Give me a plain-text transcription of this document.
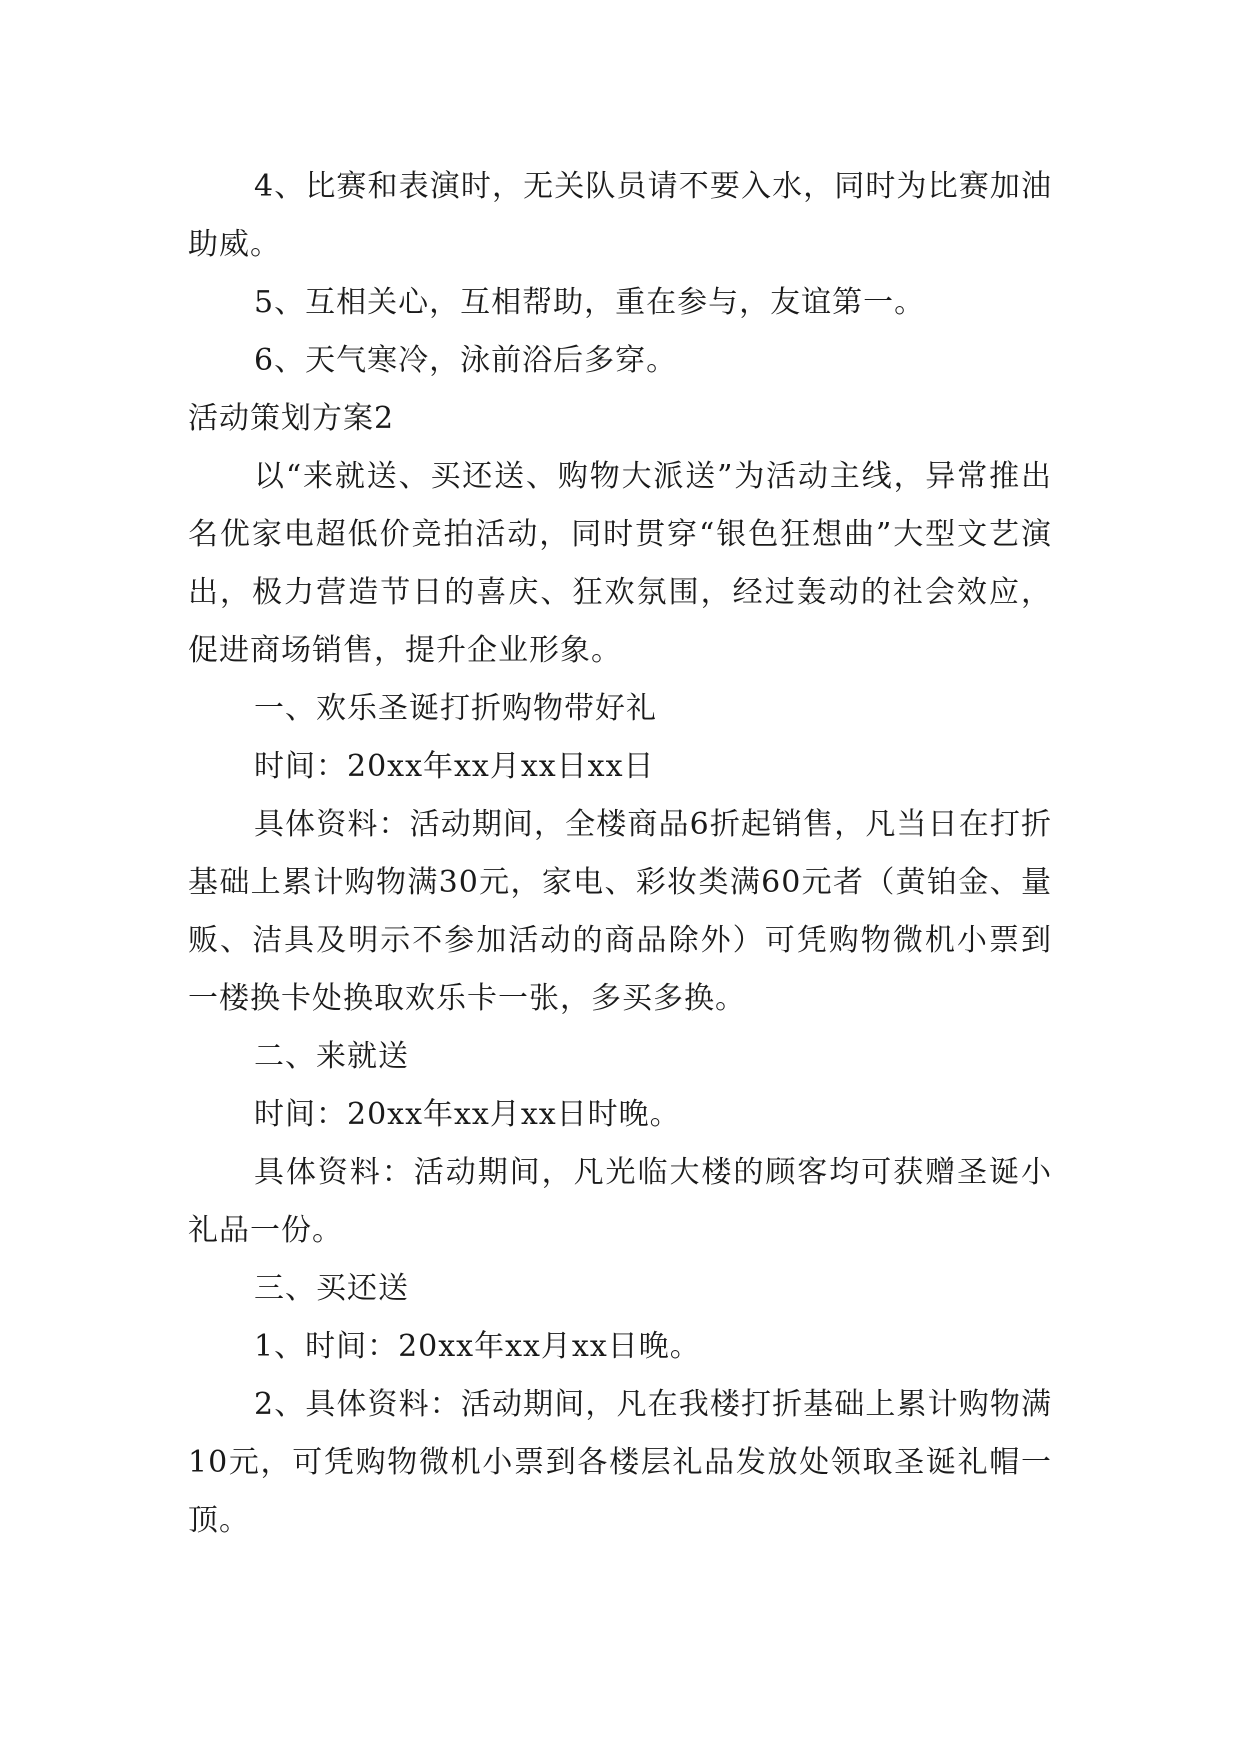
4、比赛和表演时，无关队员请不要入水，同时为比赛加油助威。

5、互相关心，互相帮助，重在参与，友谊第一。

6、天气寒冷，泳前浴后多穿。

活动策划方案2

以“来就送、买还送、购物大派送”为活动主线，异常推出名优家电超低价竞拍活动，同时贯穿“银色狂想曲”大型文艺演出，极力营造节日的喜庆、狂欢氛围，经过轰动的社会效应，促进商场销售，提升企业形象。

一、欢乐圣诞打折购物带好礼

时间：20xx年xx月xx日xx日

具体资料：活动期间，全楼商品6折起销售，凡当日在打折基础上累计购物满30元，家电、彩妆类满60元者（黄铂金、量贩、洁具及明示不参加活动的商品除外）可凭购物微机小票到一楼换卡处换取欢乐卡一张，多买多换。

二、来就送

时间：20xx年xx月xx日时晚。

具体资料：活动期间，凡光临大楼的顾客均可获赠圣诞小礼品一份。

三、买还送

1、时间：20xx年xx月xx日晚。

2、具体资料：活动期间，凡在我楼打折基础上累计购物满10元，可凭购物微机小票到各楼层礼品发放处领取圣诞礼帽一顶。
